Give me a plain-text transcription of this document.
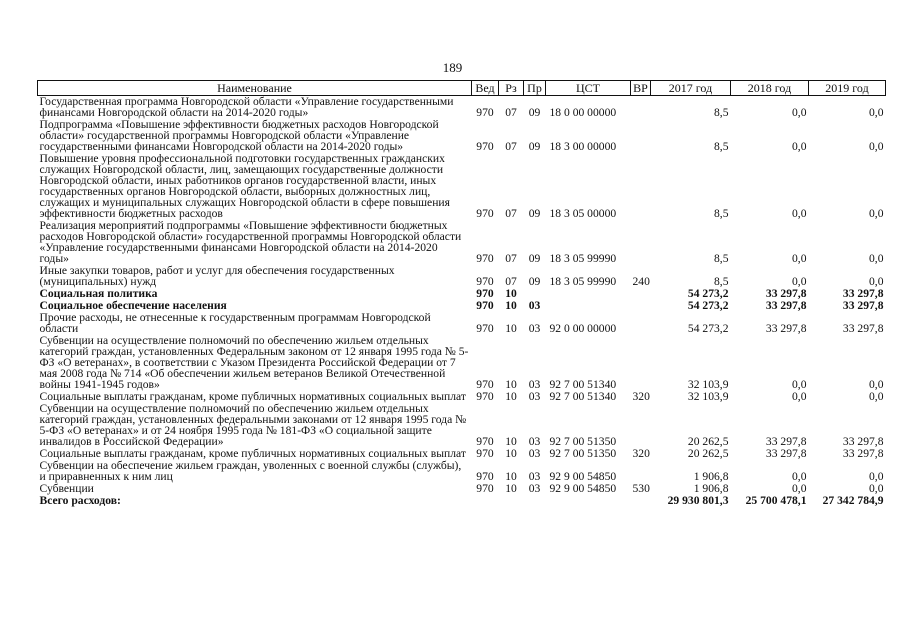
189
Наименование	Вед	Рз	Пр	ЦСТ	ВР	2017 год	2018 год	2019 год
Государственная программа Новгородской области «Управление государственными финансами Новгородской области на 2014-2020 годы»	970	07	09	18 0 00 00000		8,5	0,0	0,0
Подпрограмма «Повышение эффективности бюджетных расходов Новгородской области» государственной программы Новгородской области «Управление государственными финансами Новгородской области на 2014-2020 годы»	970	07	09	18 3 00 00000		8,5	0,0	0,0
Повышение уровня профессиональной подготовки государственных гражданских служащих Новгородской области, лиц, замещающих государственные должности Новгородской области, иных работников органов государственной власти, иных государственных органов Новгородской области, выборных должностных лиц, служащих и муниципальных служащих Новгородской области в сфере повышения эффективности бюджетных расходов	970	07	09	18 3 05 00000		8,5	0,0	0,0
Реализация мероприятий подпрограммы «Повышение эффективности бюджетных расходов Новгородской области» государственной программы Новгородской области «Управление государственными финансами Новгородской области на 2014-2020 годы»	970	07	09	18 3 05 99990		8,5	0,0	0,0
Иные закупки товаров, работ и услуг для обеспечения государственных (муниципальных) нужд	970	07	09	18 3 05 99990	240	8,5	0,0	0,0
Социальная политика	970	10				54 273,2	33 297,8	33 297,8
Социальное обеспечение населения	970	10	03			54 273,2	33 297,8	33 297,8
Прочие расходы, не отнесенные к государственным программам Новгородской области	970	10	03	92 0 00 00000		54 273,2	33 297,8	33 297,8
Субвенции на осуществление полномочий по обеспечению жильем отдельных категорий граждан, установленных Федеральным законом от 12 января 1995 года № 5-ФЗ «О ветеранах», в соответствии с Указом Президента Российской Федерации от 7 мая 2008 года № 714 «Об обеспечении жильем ветеранов Великой Отечественной войны 1941-1945 годов»	970	10	03	92 7 00 51340		32 103,9	0,0	0,0
Социальные выплаты гражданам, кроме публичных нормативных социальных выплат	970	10	03	92 7 00 51340	320	32 103,9	0,0	0,0
Субвенции на осуществление полномочий по обеспечению жильем отдельных категорий граждан, установленных федеральными законами от 12 января 1995 года № 5-ФЗ «О ветеранах» и от 24 ноября 1995 года № 181-ФЗ «О социальной защите инвалидов в Российской Федерации»	970	10	03	92 7 00 51350		20 262,5	33 297,8	33 297,8
Социальные выплаты гражданам, кроме публичных нормативных социальных выплат	970	10	03	92 7 00 51350	320	20 262,5	33 297,8	33 297,8
Субвенции на обеспечение жильем граждан, уволенных с военной службы (службы), и приравненных к ним лиц	970	10	03	92 9 00 54850		1 906,8	0,0	0,0
Субвенции	970	10	03	92 9 00 54850	530	1 906,8	0,0	0,0
Всего расходов:						29 930 801,3	25 700 478,1	27 342 784,9
